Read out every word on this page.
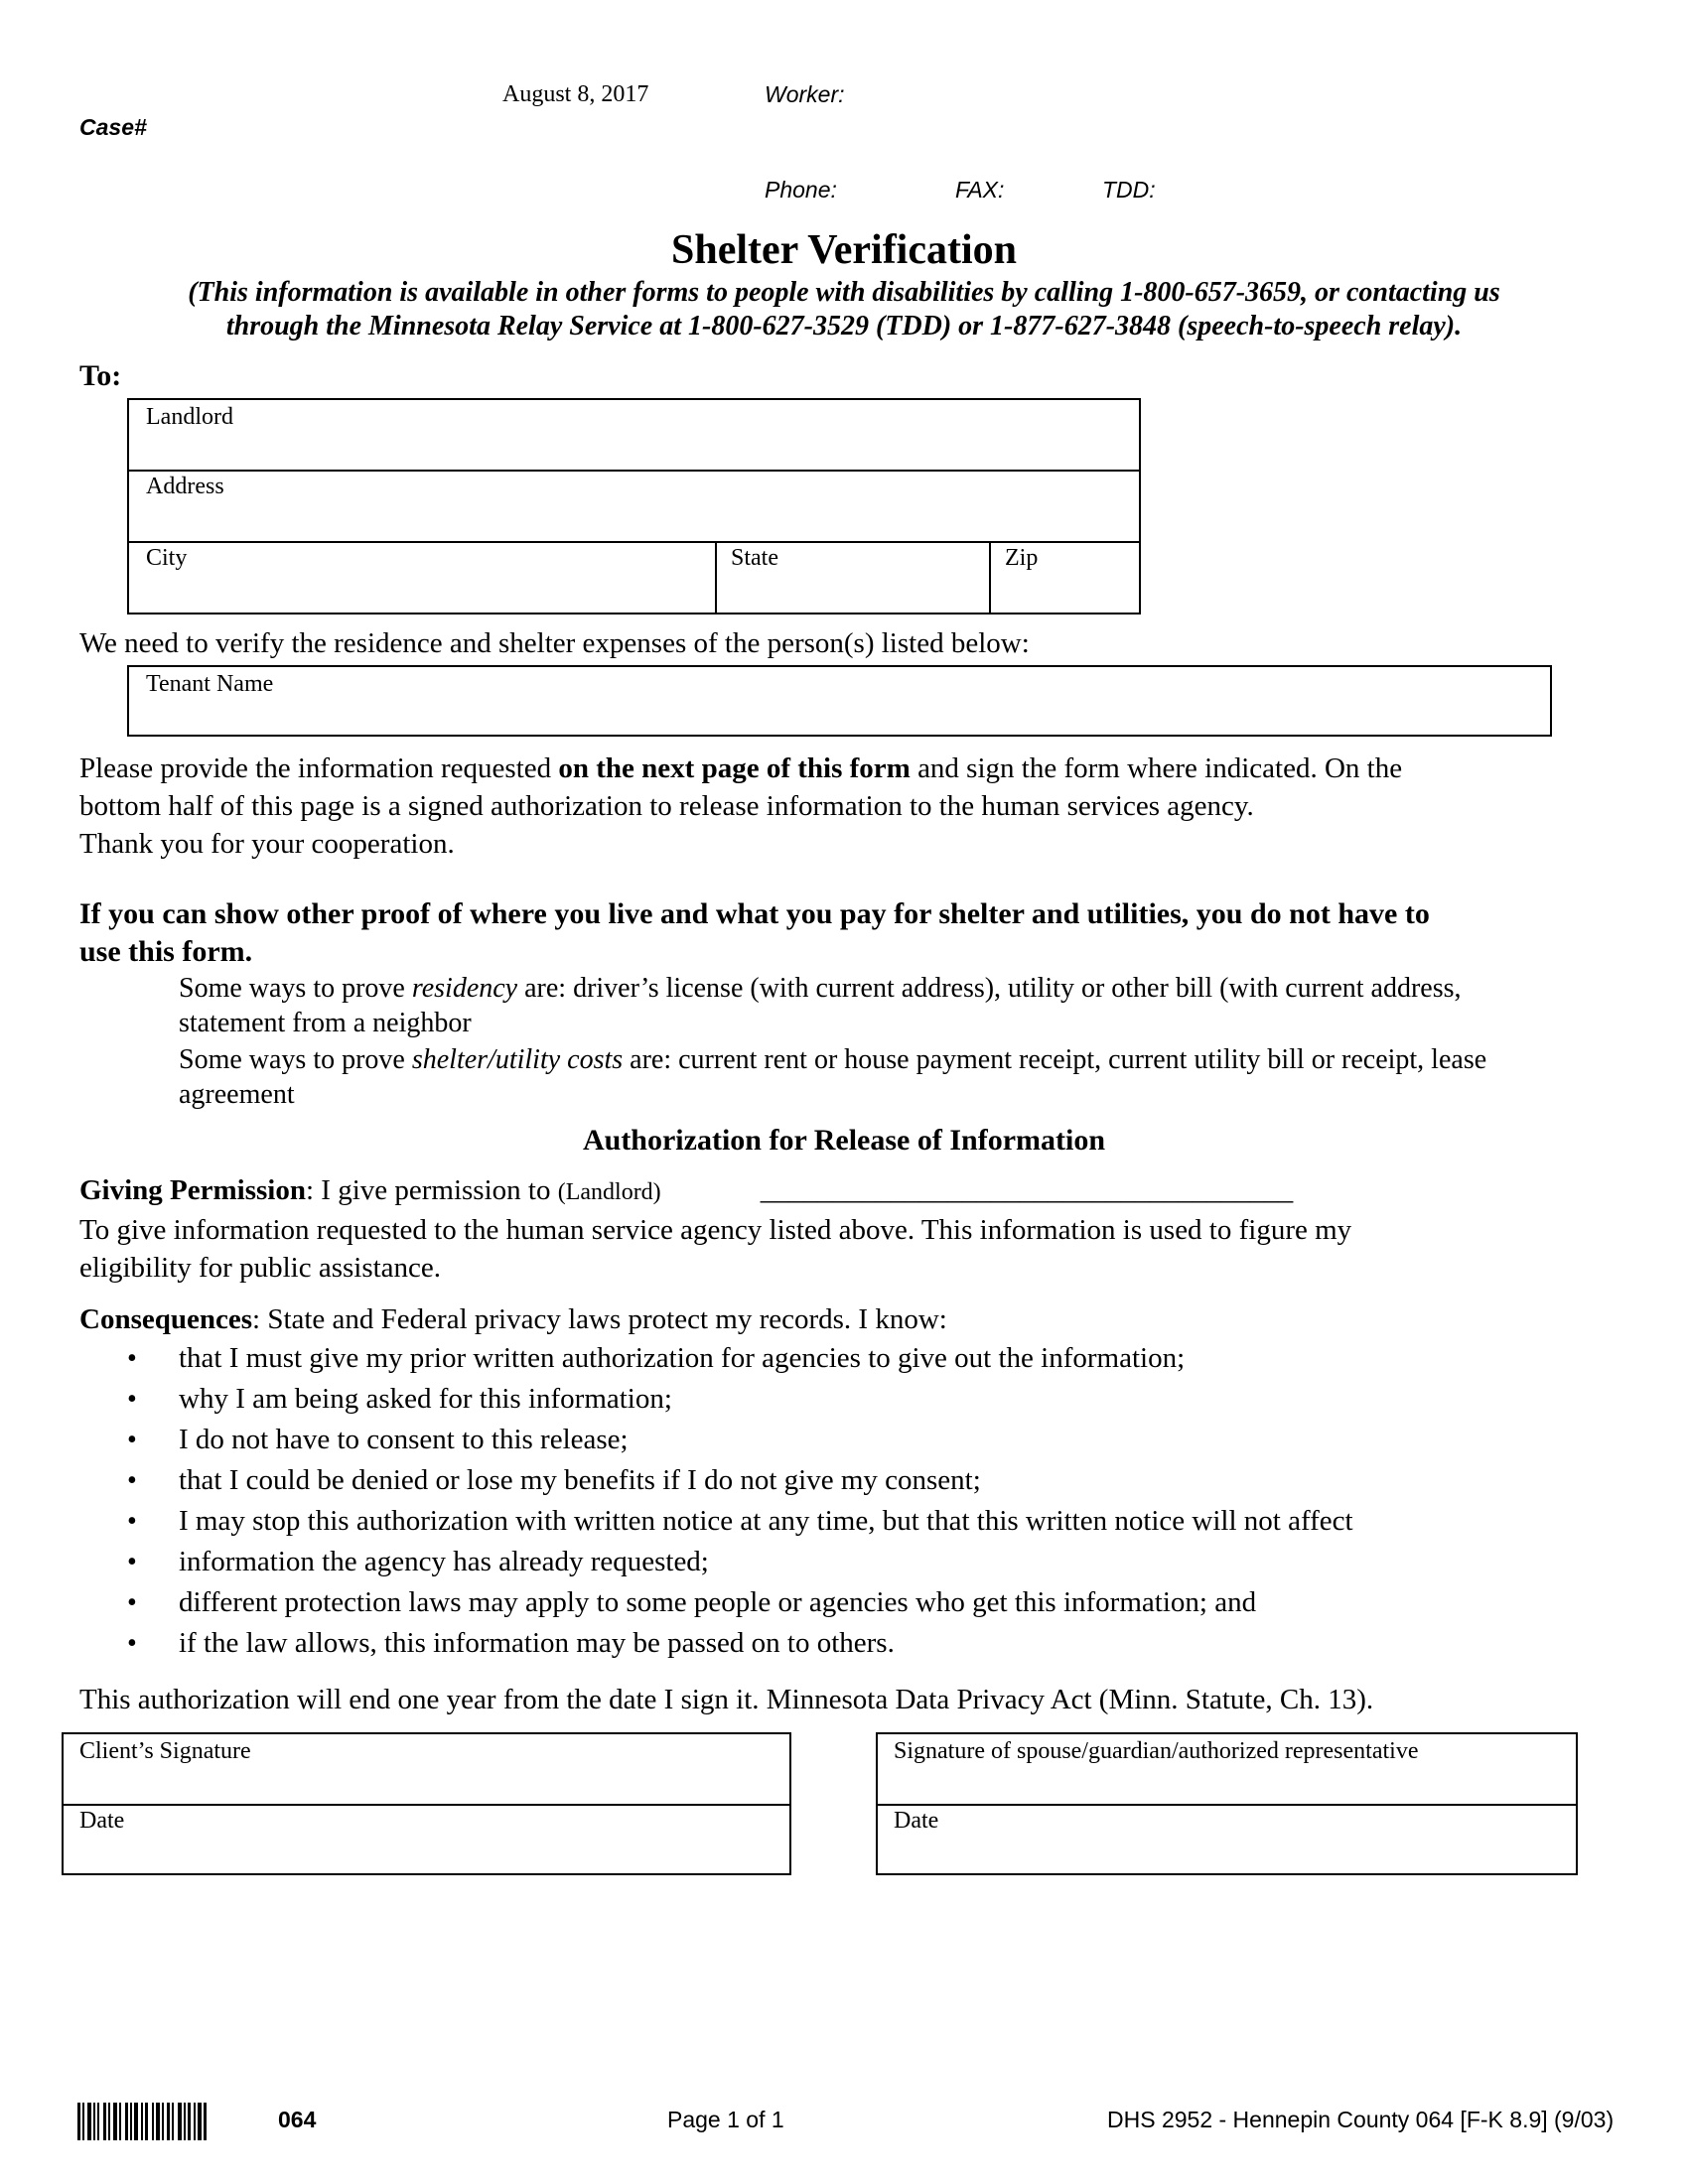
August 8, 2017	Worker:
Case#
Phone:	FAX:	TDD:
Shelter Verification
(This information is available in other forms to people with disabilities by calling 1-800-657-3659, or contacting us
through the Minnesota Relay Service at 1-800-627-3529 (TDD) or 1-877-627-3848 (speech-to-speech relay).
To:
Landlord
Address
City	State	Zip
We need to verify the residence and shelter expenses of the person(s) listed below:
Tenant Name
Please provide the information requested on the next page of this form and sign the form where indicated. On the
bottom half of this page is a signed authorization to release information to the human services agency.
Thank you for your cooperation.
If you can show other proof of where you live and what you pay for shelter and utilities, you do not have to
use this form.
Some ways to prove residency are: driver’s license (with current address), utility or other bill (with current address,
statement from a neighbor
Some ways to prove shelter/utility costs are: current rent or house payment receipt, current utility bill or receipt, lease
agreement
Authorization for Release of Information
Giving Permission: I give permission to (Landlord)	_____________________________________
To give information requested to the human service agency listed above. This information is used to figure my
eligibility for public assistance.
Consequences: State and Federal privacy laws protect my records. I know:
• that I must give my prior written authorization for agencies to give out the information;
• why I am being asked for this information;
• I do not have to consent to this release;
• that I could be denied or lose my benefits if I do not give my consent;
• I may stop this authorization with written notice at any time, but that this written notice will not affect
• information the agency has already requested;
• different protection laws may apply to some people or agencies who get this information; and
• if the law allows, this information may be passed on to others.
This authorization will end one year from the date I sign it. Minnesota Data Privacy Act (Minn. Statute, Ch. 13).
Client’s Signature
Date
Signature of spouse/guardian/authorized representative
Date
064	Page 1 of 1	DHS 2952 - Hennepin County 064 [F-K 8.9] (9/03)
